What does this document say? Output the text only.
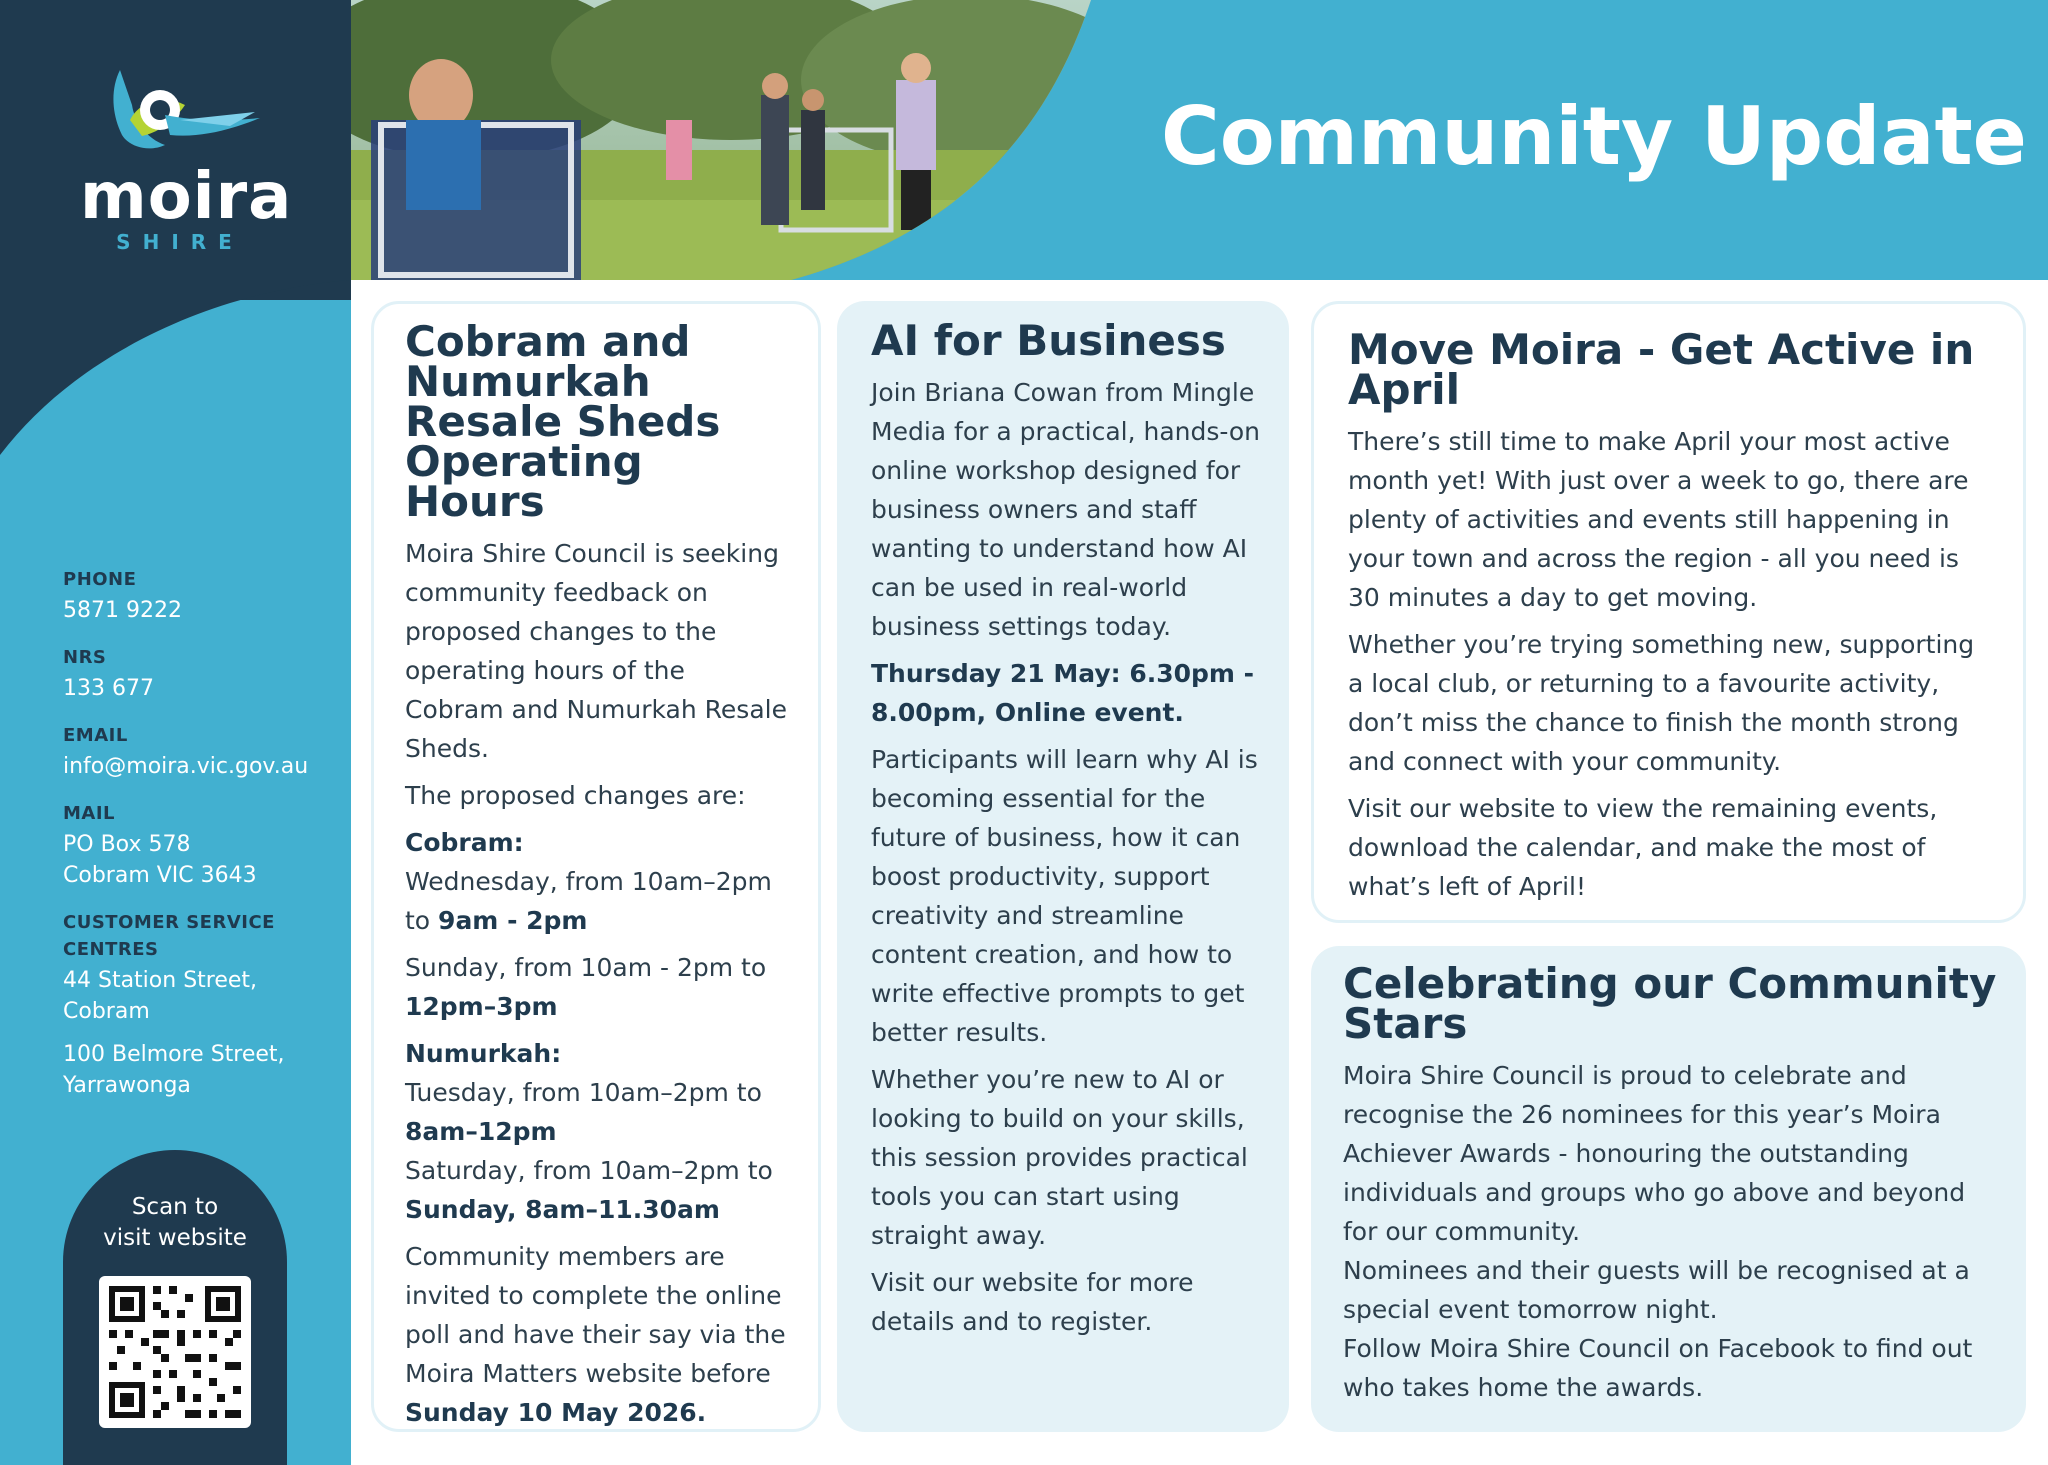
moira
SHIRE

PHONE

5871 9222

NRS

133 677

EMAIL

info@moira.vic.gov.au

MAIL

PO Box 578
Cobram VIC 3643

CUSTOMER SERVICE CENTRES

44 Station Street,
Cobram

100 Belmore Street,
Yarrawonga

Scan to
visit website
Community Update
Cobram and Numurkah Resale Sheds Operating Hours

Moira Shire Council is seeking community feedback on proposed changes to the operating hours of the Cobram and Numurkah Resale Sheds.

The proposed changes are:

Cobram:

Wednesday, from 10am–2pm to 9am - 2pm

Sunday, from 10am - 2pm to 12pm–3pm

Numurkah:

Tuesday, from 10am–2pm to 8am–12pm

Saturday, from 10am–2pm to Sunday, 8am–11.30am

Community members are invited to complete the online poll and have their say via the Moira Matters website before Sunday 10 May 2026.

AI for Business

Join Briana Cowan from Mingle Media for a practical, hands-on online workshop designed for business owners and staff wanting to understand how AI can be used in real-world business settings today.

Thursday 21 May: 6.30pm - 8.00pm, Online event.

Participants will learn why AI is becoming essential for the future of business, how it can boost productivity, support creativity and streamline content creation, and how to write effective prompts to get better results.

Whether you’re new to AI or looking to build on your skills, this session provides practical tools you can start using straight away.

Visit our website for more details and to register.

Move Moira - Get Active in April

There’s still time to make April your most active month yet! With just over a week to go, there are plenty of activities and events still happening in your town and across the region - all you need is 30 minutes a day to get moving.

Whether you’re trying something new, supporting a local club, or returning to a favourite activity, don’t miss the chance to finish the month strong and connect with your community.

Visit our website to view the remaining events, download the calendar, and make the most of what’s left of April!

Celebrating our Community Stars

Moira Shire Council is proud to celebrate and recognise the 26 nominees for this year’s Moira Achiever Awards - honouring the outstanding individuals and groups who go above and beyond for our community.

Nominees and their guests will be recognised at a special event tomorrow night.

Follow Moira Shire Council on Facebook to find out who takes home the awards.
